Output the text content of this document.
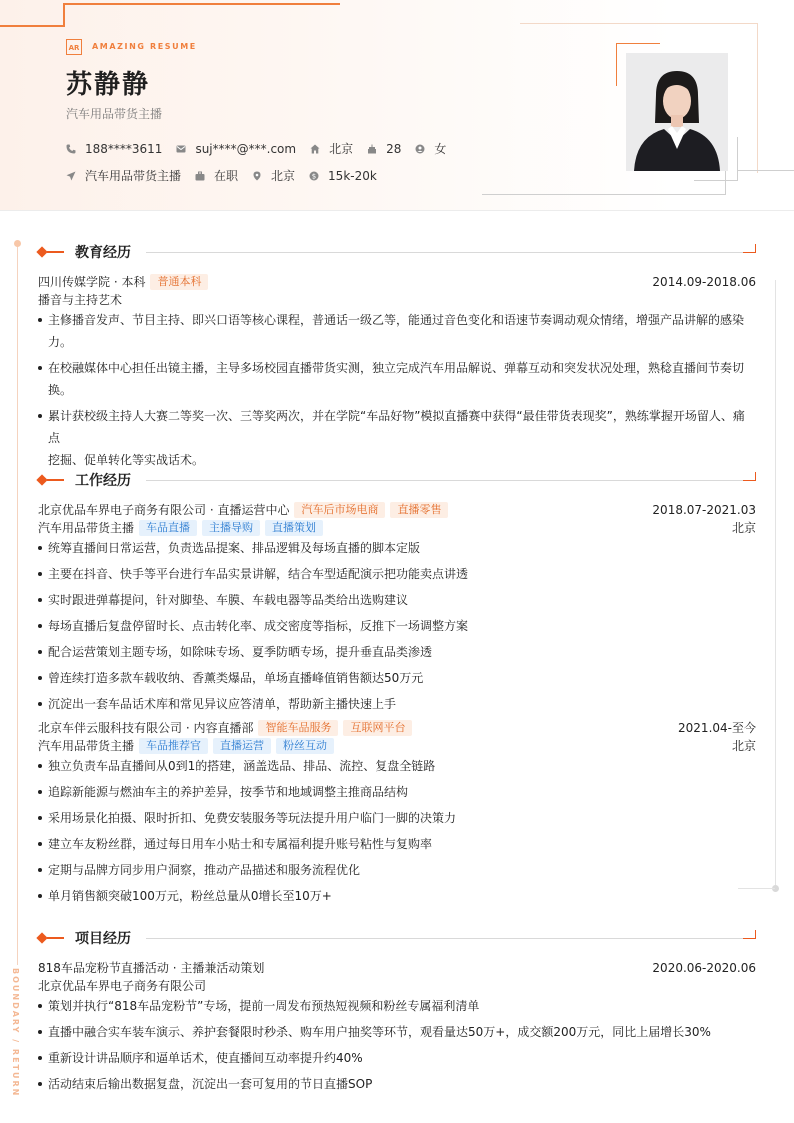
AR	AMAZING RESUME
苏静静
汽车用品带货主播
188****3611	suj****@***.com	北京	28	女
汽车用品带货主播	在职	北京 $ 15k-20k
BOUNDARY / RETURN
教育经历
四川传媒学院 · 本科 普通本科	2014.09-2018.06
播音与主持艺术
主修播音发声、节目主持、即兴口语等核心课程，普通话一级乙等，能通过音色变化和语速节奏调动观众情绪，增强产品讲解的感染
力。
在校融媒体中心担任出镜主播，主导多场校园直播带货实测，独立完成汽车用品解说、弹幕互动和突发状况处理，熟稔直播间节奏切
换。
累计获校级主持人大赛二等奖一次、三等奖两次，并在学院“车品好物”模拟直播赛中获得“最佳带货表现奖”，熟练掌握开场留人、痛点
挖掘、促单转化等实战话术。
工作经历
北京优品车界电子商务有限公司 · 直播运营中心 汽车后市场电商 直播零售	2018.07-2021.03
汽车用品带货主播 车品直播 主播导购 直播策划	北京
统筹直播间日常运营，负责选品提案、排品逻辑及每场直播的脚本定版
主要在抖音、快手等平台进行车品实景讲解，结合车型适配演示把功能卖点讲透
实时跟进弹幕提问，针对脚垫、车膜、车载电器等品类给出选购建议
每场直播后复盘停留时长、点击转化率、成交密度等指标，反推下一场调整方案
配合运营策划主题专场，如除味专场、夏季防晒专场，提升垂直品类渗透
曾连续打造多款车载收纳、香薰类爆品，单场直播峰值销售额达50万元
沉淀出一套车品话术库和常见异议应答清单，帮助新主播快速上手
北京车伴云服科技有限公司 · 内容直播部 智能车品服务 互联网平台	2021.04-至今
汽车用品带货主播 车品推荐官 直播运营 粉丝互动	北京
独立负责车品直播间从0到1的搭建，涵盖选品、排品、流控、复盘全链路
追踪新能源与燃油车主的养护差异，按季节和地域调整主推商品结构
采用场景化拍摄、限时折扣、免费安装服务等玩法提升用户临门一脚的决策力
建立车友粉丝群，通过每日用车小贴士和专属福利提升账号粘性与复购率
定期与品牌方同步用户洞察，推动产品描述和服务流程优化
单月销售额突破100万元，粉丝总量从0增长至10万+
项目经历
818车品宠粉节直播活动 · 主播兼活动策划	2020.06-2020.06
北京优品车界电子商务有限公司
策划并执行“818车品宠粉节”专场，提前一周发布预热短视频和粉丝专属福利清单
直播中融合实车装车演示、养护套餐限时秒杀、购车用户抽奖等环节，观看量达50万+，成交额200万元，同比上届增长30%
重新设计讲品顺序和逼单话术，使直播间互动率提升约40%
活动结束后输出数据复盘，沉淀出一套可复用的节日直播SOP
